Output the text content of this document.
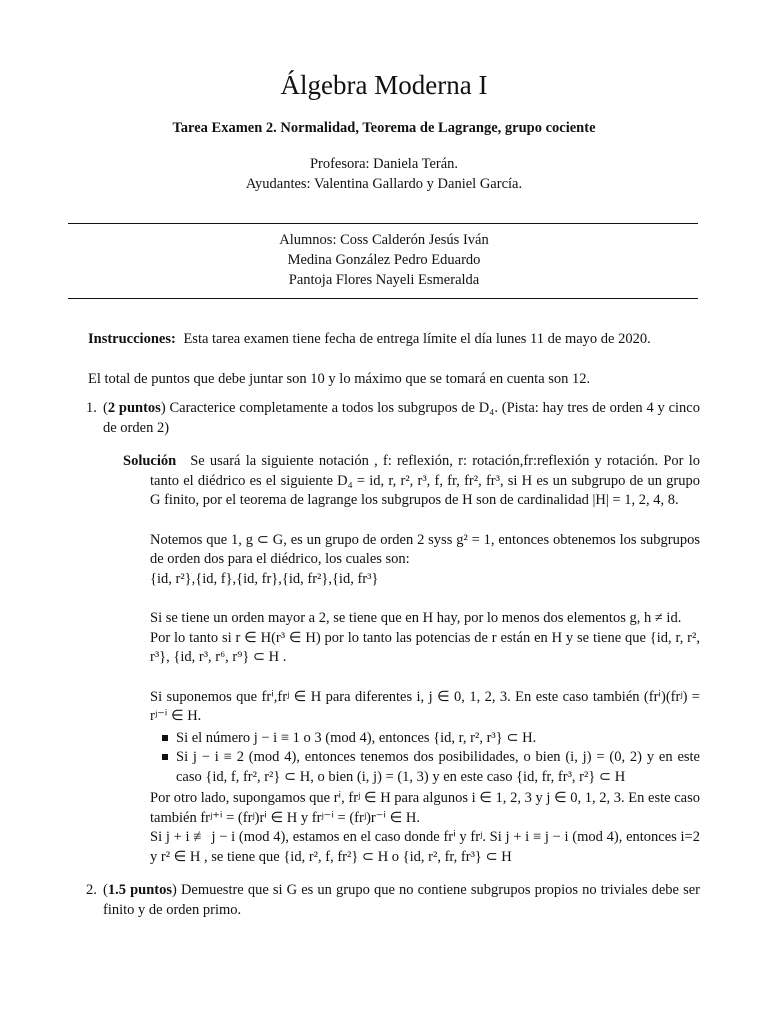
Álgebra Moderna I
Tarea Examen 2. Normalidad, Teorema de Lagrange, grupo cociente
Profesora: Daniela Terán.
Ayudantes: Valentina Gallardo y Daniel García.
Alumnos: Coss Calderón Jesús Iván
Medina González Pedro Eduardo
Pantoja Flores Nayeli Esmeralda

Instrucciones: Esta tarea examen tiene fecha de entrega límite el día lunes 11 de mayo de 2020.

El total de puntos que debe juntar son 10 y lo máximo que se tomará en cuenta son 12.

1. (2 puntos) Caracterice completamente a todos los subgrupos de D₄. (Pista: hay tres de orden 4 y cinco de orden 2)

Solución Se usará la siguiente notación , f: reflexión, r: rotación,fr:reflexión y rotación. Por lo tanto el diédrico es el siguiente D₄ = id, r, r², r³, f, fr, fr², fr³, si H es un subgrupo de un grupo G finito, por el teorema de lagrange los subgrupos de H son de cardinalidad |H| = 1, 2, 4, 8.

Notemos que 1, g ⊂ G, es un grupo de orden 2 syss g² = 1, entonces obtenemos los subgrupos de orden dos para el diédrico, los cuales son:

{id, r²},{id, f},{id, fr},{id, fr²},{id, fr³}

Si se tiene un orden mayor a 2, se tiene que en H hay, por lo menos dos elementos g, h ≠ id.

Por lo tanto si r ∈ H(r³ ∈ H) por lo tanto las potencias de r están en H y se tiene que {id, r, r², r³}, {id, r³, r⁶, r⁹} ⊂ H .

Si suponemos que frⁱ,frʲ ∈ H para diferentes i, j ∈ 0, 1, 2, 3. En este caso también (frⁱ)(frʲ) = rʲ⁻ⁱ ∈ H.

Si el número j − i ≡ 1 o 3 (mod 4), entonces {id, r, r², r³} ⊂ H.
Si j − i ≡ 2 (mod 4), entonces tenemos dos posibilidades, o bien (i, j) = (0, 2) y en este caso {id, f, fr², r²} ⊂ H, o bien (i, j) = (1, 3) y en este caso {id, fr, fr³, r²} ⊂ H

Por otro lado, supongamos que rⁱ, frʲ ∈ H para algunos i ∈ 1, 2, 3 y j ∈ 0, 1, 2, 3. En este caso también frʲ⁺ⁱ = (frʲ)rⁱ ∈ H y frʲ⁻ⁱ = (frʲ)r⁻ⁱ ∈ H.

Si j + i ≢ j − i (mod 4), estamos en el caso donde frⁱ y frʲ. Si j + i ≡ j − i (mod 4), entonces i=2 y r² ∈ H , se tiene que {id, r², f, fr²} ⊂ H o {id, r², fr, fr³} ⊂ H

2. (1.5 puntos) Demuestre que si G es un grupo que no contiene subgrupos propios no triviales debe ser finito y de orden primo.
